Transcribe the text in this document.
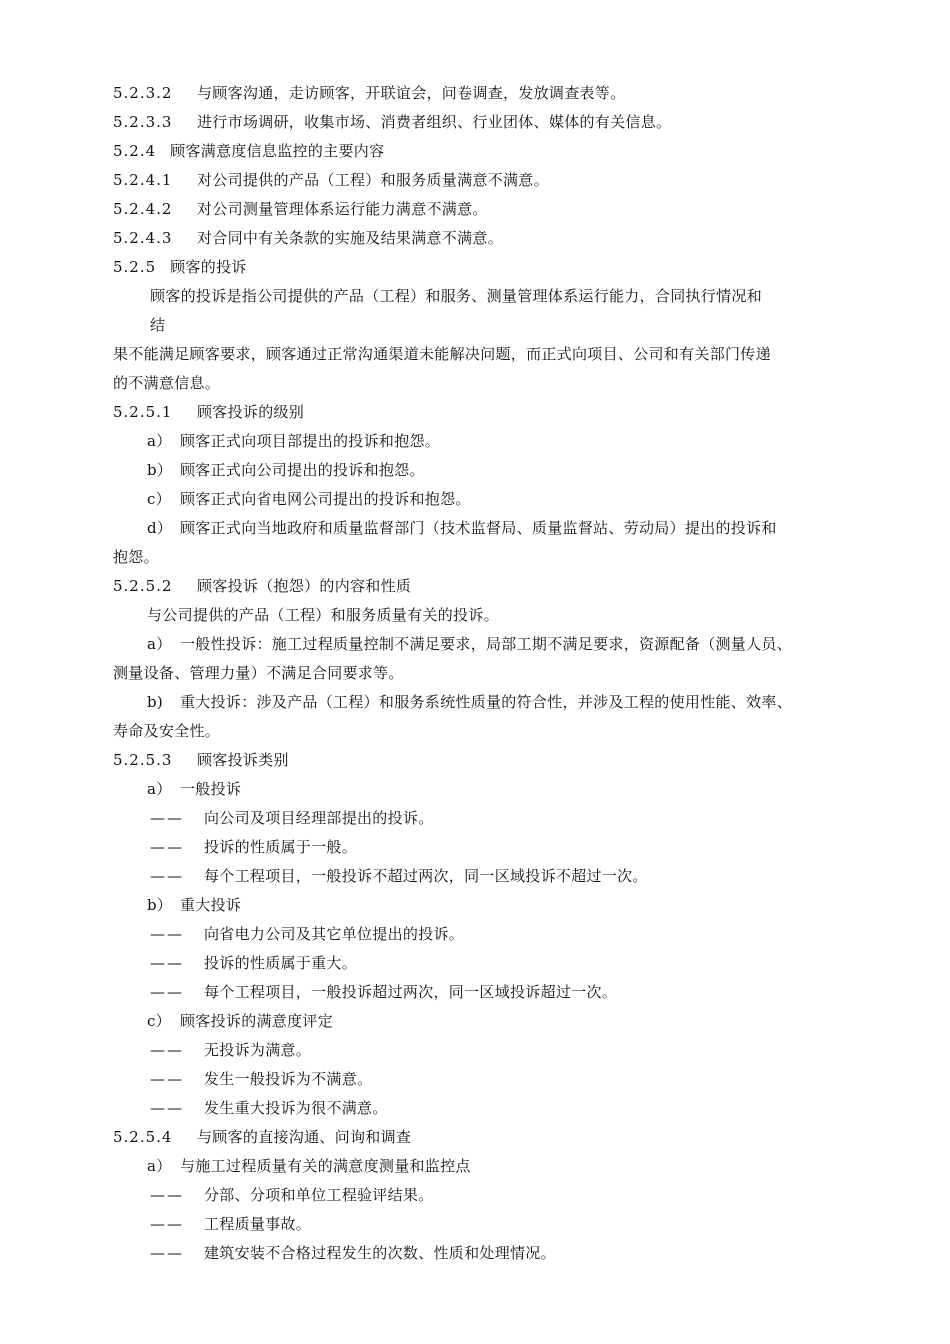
5.2.3.2 与顾客沟通，走访顾客，开联谊会，问卷调查，发放调查表等。
5.2.3.3 进行市场调研，收集市场、消费者组织、行业团体、媒体的有关信息。
5.2.4 顾客满意度信息监控的主要内容
5.2.4.1 对公司提供的产品（工程）和服务质量满意不满意。
5.2.4.2 对公司测量管理体系运行能力满意不满意。
5.2.4.3 对合同中有关条款的实施及结果满意不满意。
5.2.5 顾客的投诉
顾客的投诉是指公司提供的产品（工程）和服务、测量管理体系运行能力，合同执行情况和
结
果不能满足顾客要求，顾客通过正常沟通渠道未能解决问题，而正式向项目、公司和有关部门传递
的不满意信息。
5.2.5.1 顾客投诉的级别
a） 顾客正式向项目部提出的投诉和抱怨。
b） 顾客正式向公司提出的投诉和抱怨。
c） 顾客正式向省电网公司提出的投诉和抱怨。
d） 顾客正式向当地政府和质量监督部门（技术监督局、质量监督站、劳动局）提出的投诉和
抱怨。
5.2.5.2 顾客投诉（抱怨）的内容和性质
与公司提供的产品（工程）和服务质量有关的投诉。
a） 一般性投诉：施工过程质量控制不满足要求，局部工期不满足要求，资源配备（测量人员、
测量设备、管理力量）不满足合同要求等。
b) 重大投诉：涉及产品（工程）和服务系统性质量的符合性，并涉及工程的使用性能、效率、
寿命及安全性。
5.2.5.3 顾客投诉类别
a） 一般投诉
—— 向公司及项目经理部提出的投诉。
—— 投诉的性质属于一般。
—— 每个工程项目，一般投诉不超过两次，同一区域投诉不超过一次。
b） 重大投诉
—— 向省电力公司及其它单位提出的投诉。
—— 投诉的性质属于重大。
—— 每个工程项目，一般投诉超过两次，同一区域投诉超过一次。
c） 顾客投诉的满意度评定
—— 无投诉为满意。
—— 发生一般投诉为不满意。
—— 发生重大投诉为很不满意。
5.2.5.4 与顾客的直接沟通、问询和调查
a） 与施工过程质量有关的满意度测量和监控点
—— 分部、分项和单位工程验评结果。
—— 工程质量事故。
—— 建筑安装不合格过程发生的次数、性质和处理情况。
